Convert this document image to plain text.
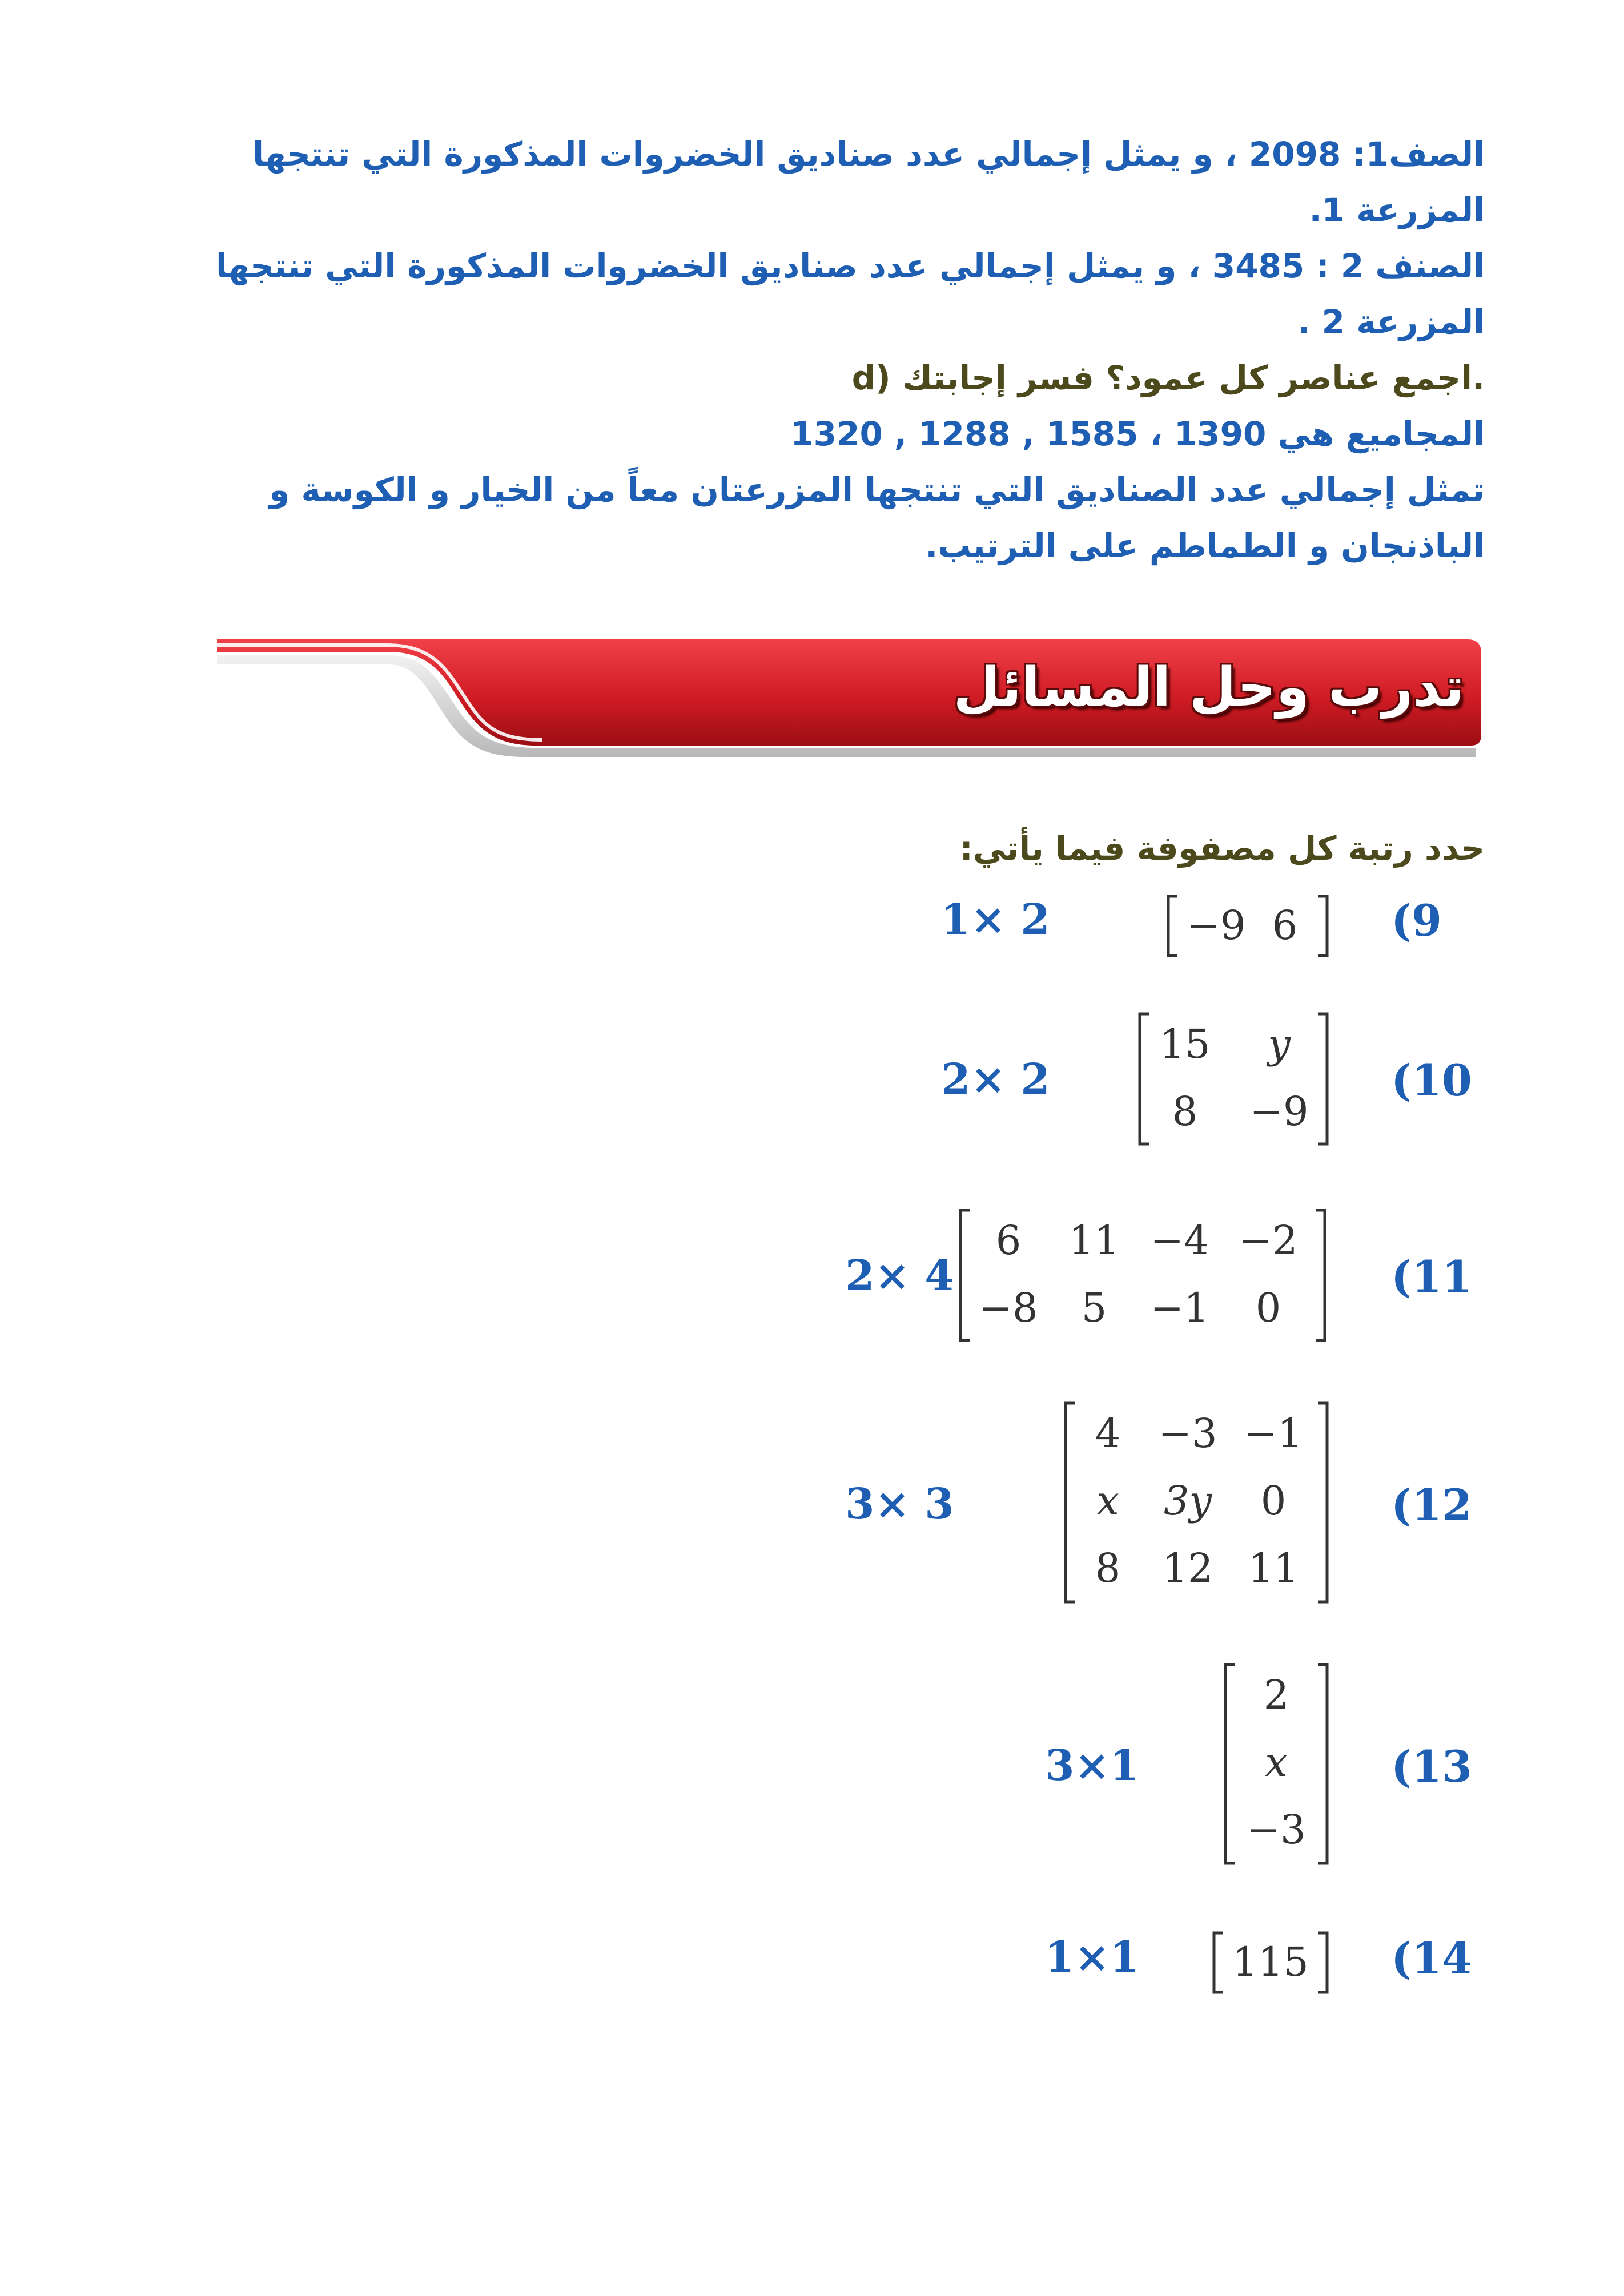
الصف1: 2098 ، و يمثل إجمالي عدد صناديق الخضروات المذكورة التي تنتجها
المزرعة 1.
الصنف 2 : 3485 ، و يمثل إجمالي عدد صناديق الخضروات المذكورة التي تنتجها
المزرعة 2 .
d) اجمع عناصر كل عمود؟ فسر إجابتك.
المجاميع هي 1390 ، 1585 , 1288 , 1320
تمثل إجمالي عدد الصناديق التي تنتجها المزرعتان معاً من الخيار و الكوسة و
الباذنجان و الطماطم على الترتيب.
تدرب وحل المسائل
حدد رتبة كل مصفوفة فيما يأتي:
(9
1× 2	−9 6
(10
2× 2
15	y
8	−9
(11
2× 4
6	11 −4 −2
−8	5	−1	0
(12
3× 3
4 −3 −1
x	3y	0
8	12 11
(13
3×1
2
x
−3
(14
1×1 115
